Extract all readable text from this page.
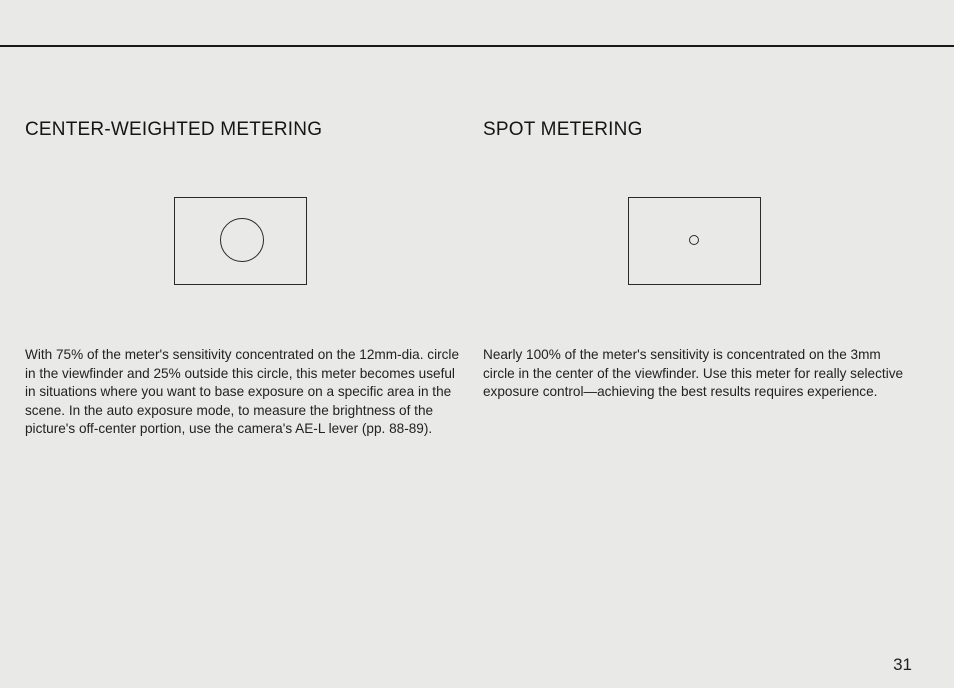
CENTER-WEIGHTED METERING

With 75% of the meter's sensitivity concentrated on the 12mm-dia. circle in the viewfinder and 25% outside this circle, this meter becomes useful in situations where you want to base exposure on a specific area in the scene. In the auto exposure mode, to measure the brightness of the picture's off-center portion, use the camera's AE-L lever (pp. 88-89).

SPOT METERING

Nearly 100% of the meter's sensitivity is concentrated on the 3mm circle in the center of the viewfinder. Use this meter for really selective exposure control—achieving the best results requires experience.

31
